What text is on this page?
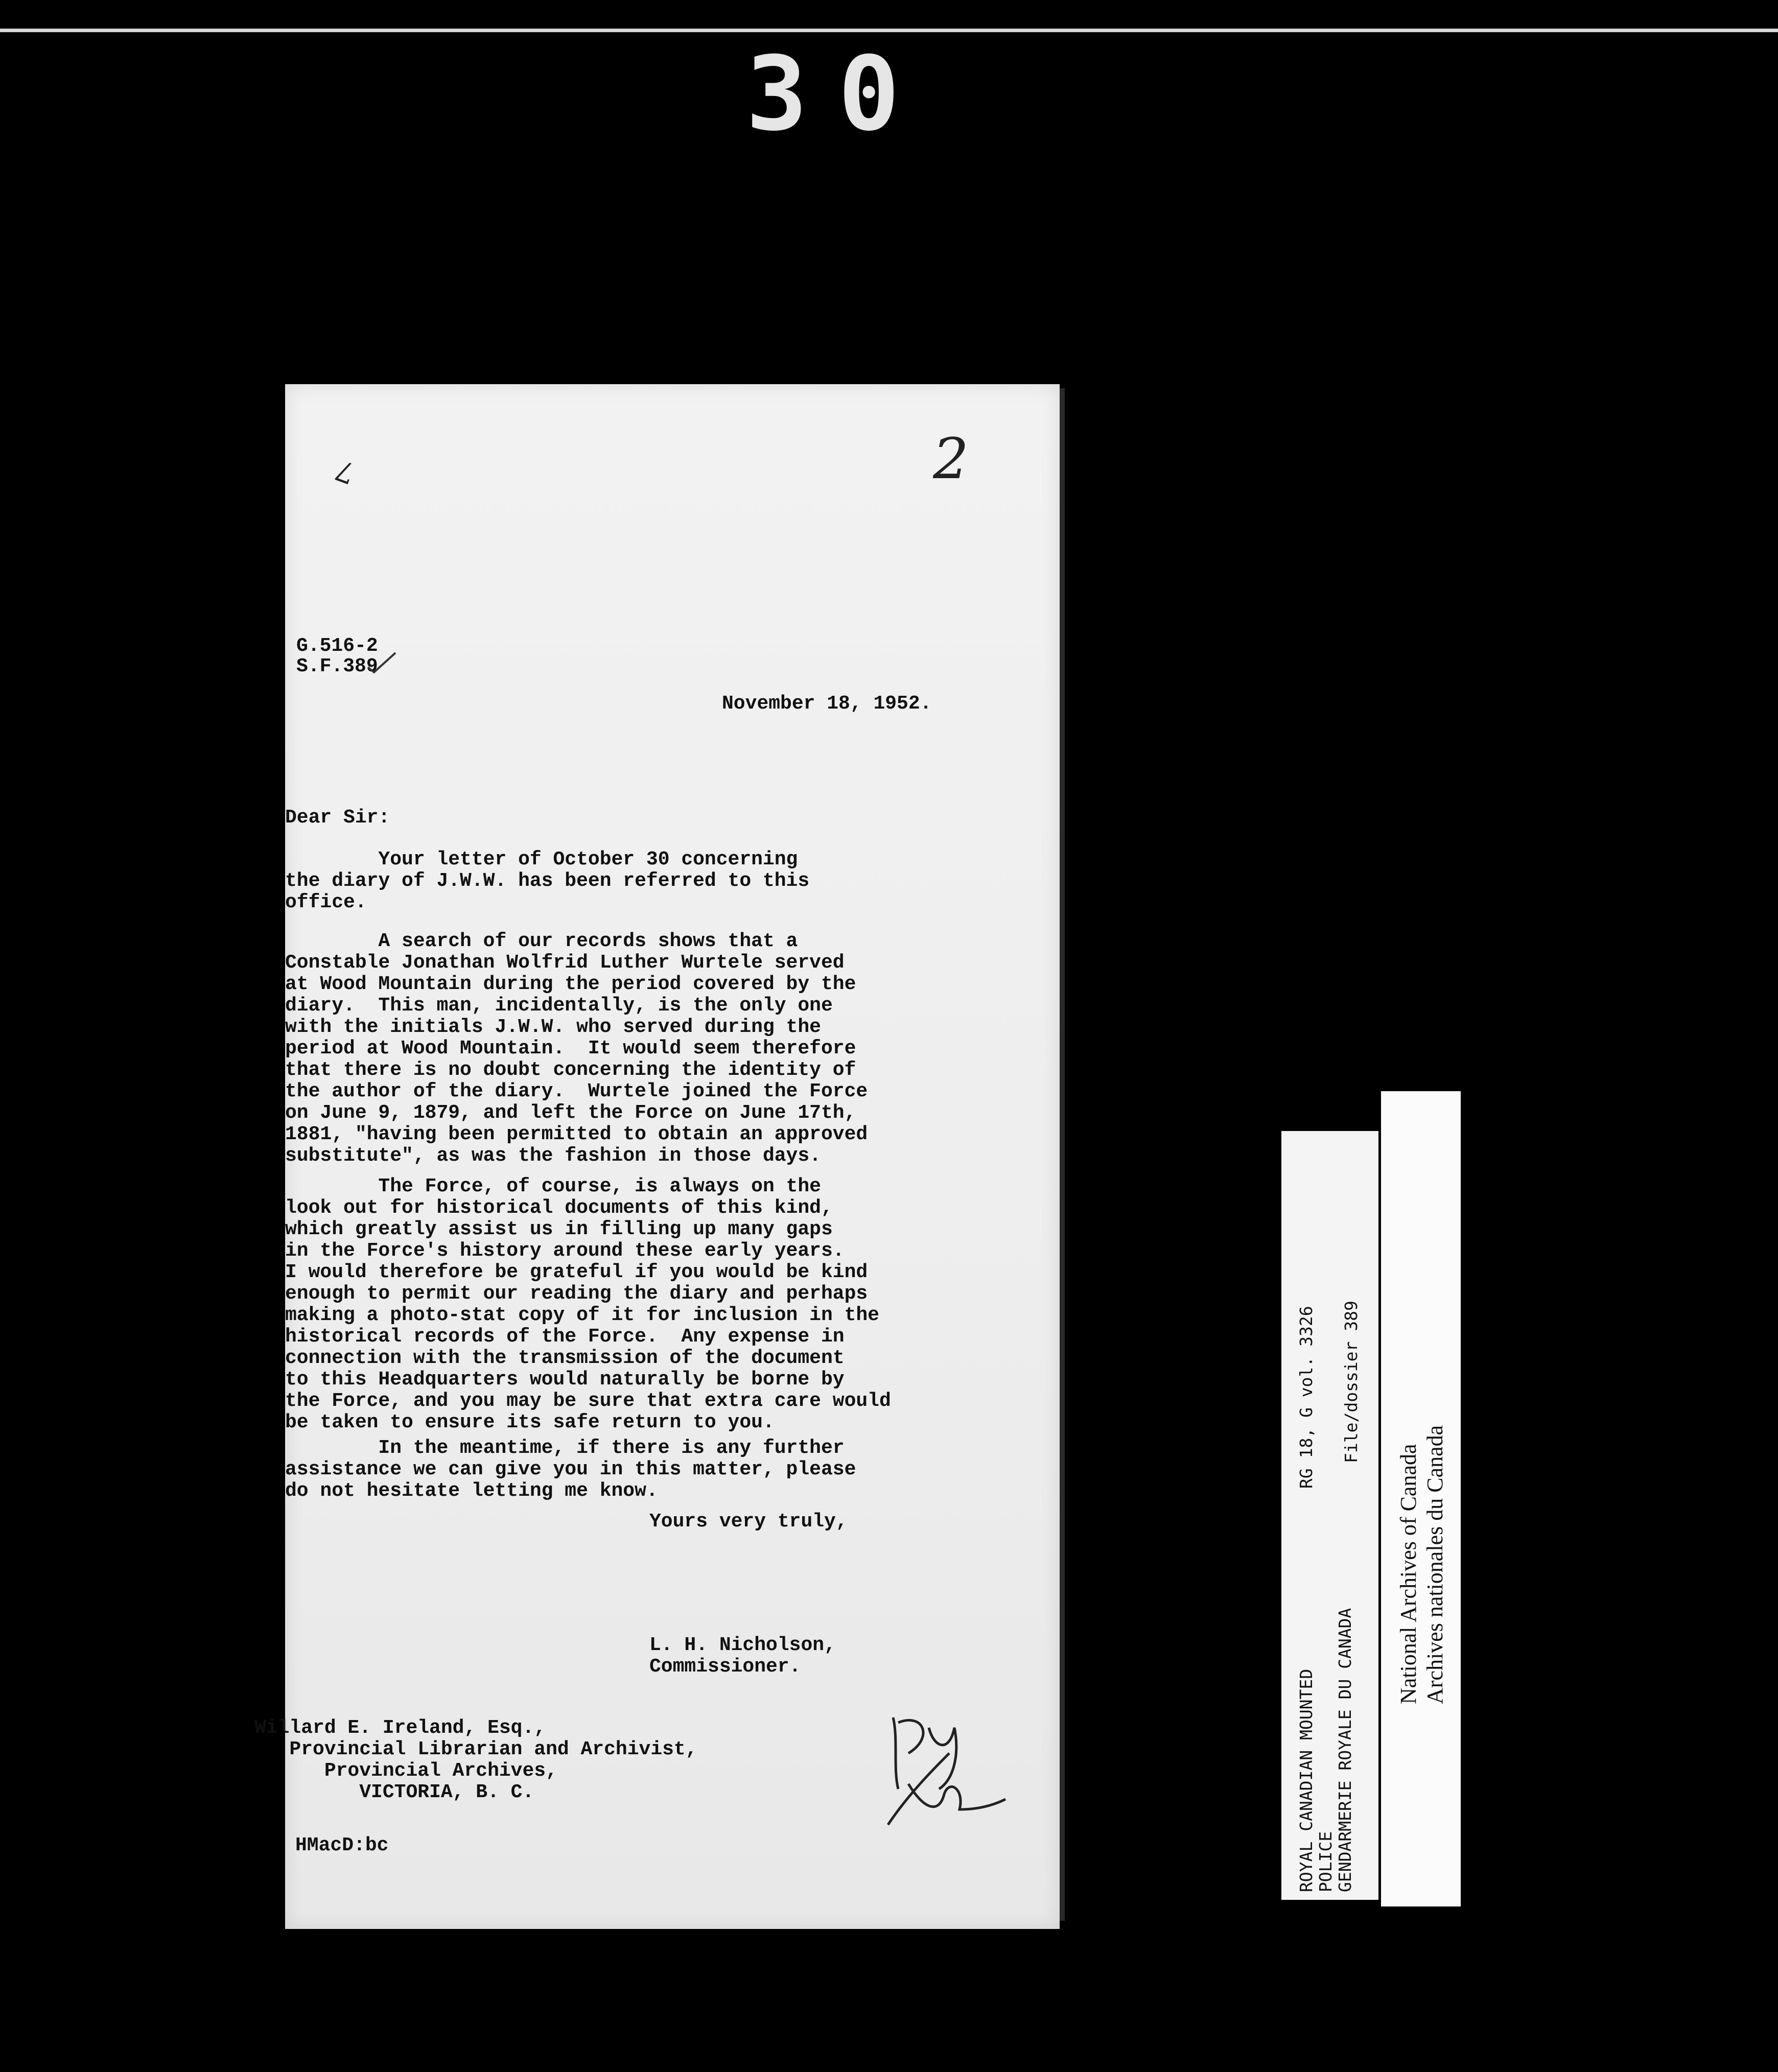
30
7	2
G.516-2
S.F.389
November 18, 1952.
Dear Sir:
Your letter of October 30 concerning
the diary of J.W.W. has been referred to this
office.
A search of our records shows that a
Constable Jonathan Wolfrid Luther Wurtele served
at Wood Mountain during the period covered by the
diary.  This man, incidentally, is the only one
with the initials J.W.W. who served during the
period at Wood Mountain.  It would seem therefore
that there is no doubt concerning the identity of
the author of the diary.  Wurtele joined the Force
on June 9, 1879, and left the Force on June 17th,
1881, "having been permitted to obtain an approved
substitute", as was the fashion in those days.
The Force, of course, is always on the
look out for historical documents of this kind,
which greatly assist us in filling up many gaps
in the Force's history around these early years.
I would therefore be grateful if you would be kind
enough to permit our reading the diary and perhaps
making a photo-stat copy of it for inclusion in the
historical records of the Force.  Any expense in
connection with the transmission of the document
to this Headquarters would naturally be borne by
the Force, and you may be sure that extra care would
be taken to ensure its safe return to you.
In the meantime, if there is any further
assistance we can give you in this matter, please
do not hesitate letting me know.
Yours very truly,
L. H. Nicholson,
Commissioner.
Willard E. Ireland, Esq.,
Provincial Librarian and Archivist,
Provincial Archives,
VICTORIA, B. C.
HMacD:bc	ROYAL CANADIAN MOUNTED POLICE GENDARMERIE ROYALE DU CANADA
RG 18, G vol. 3326 File/dossier 389
National Archives of Canada Archives nationales du Canada
